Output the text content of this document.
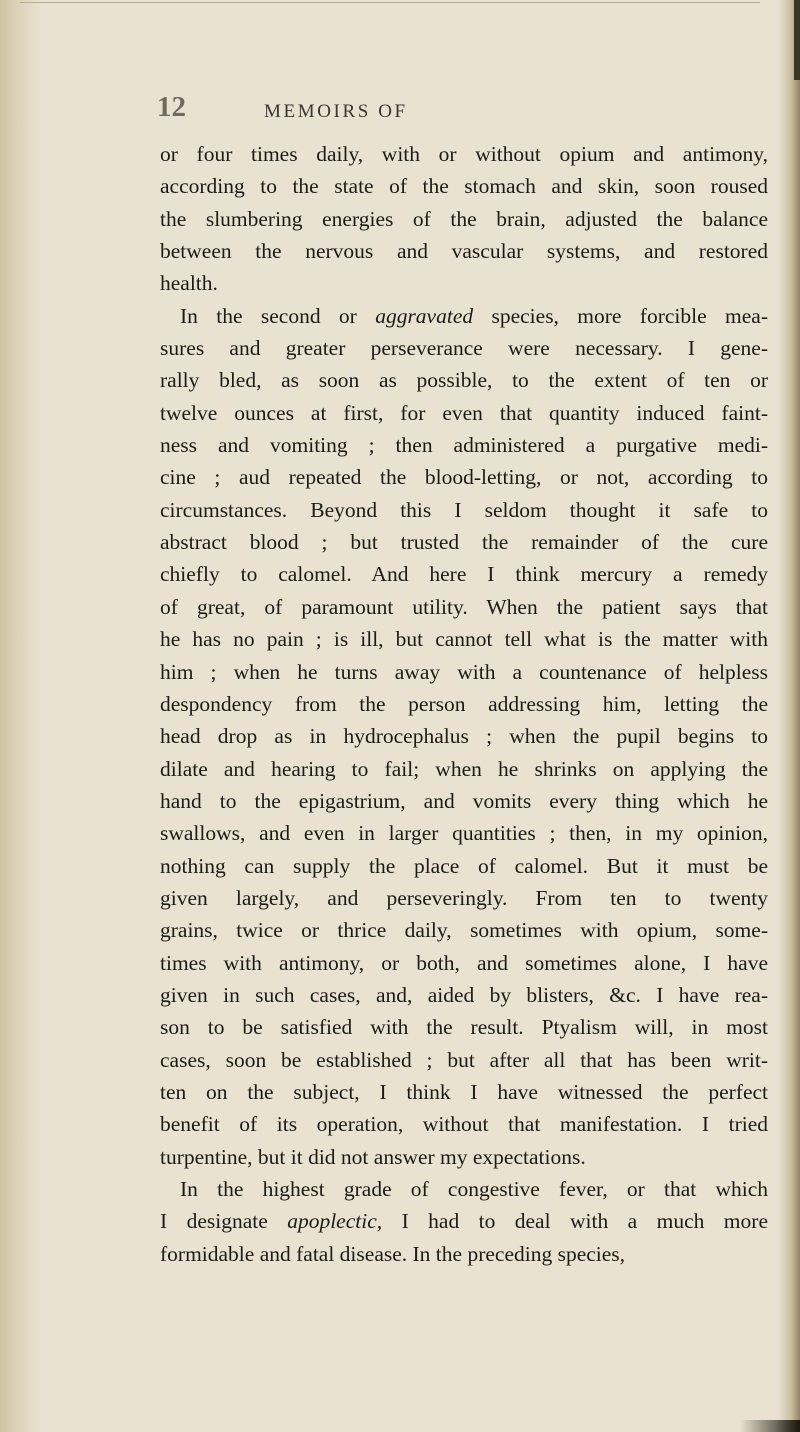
12	MEMOIRS OF
or four times daily, with or without opium and antimony,
according to the state of the stomach and skin, soon roused
the slumbering energies of the brain, adjusted the balance
between the nervous and vascular systems, and restored
health.
In the second or aggravated species, more forcible mea-
sures and greater perseverance were necessary. I gene-
rally bled, as soon as possible, to the extent of ten or
twelve ounces at first, for even that quantity induced faint-
ness and vomiting ; then administered a purgative medi-
cine ; aud repeated the blood-letting, or not, according to
circumstances. Beyond this I seldom thought it safe to
abstract blood ; but trusted the remainder of the cure
chiefly to calomel. And here I think mercury a remedy
of great, of paramount utility. When the patient says that
he has no pain ; is ill, but cannot tell what is the matter with
him ; when he turns away with a countenance of helpless
despondency from the person addressing him, letting the
head drop as in hydrocephalus ; when the pupil begins to
dilate and hearing to fail; when he shrinks on applying the
hand to the epigastrium, and vomits every thing which he
swallows, and even in larger quantities ; then, in my opinion,
nothing can supply the place of calomel. But it must be
given largely, and perseveringly. From ten to twenty
grains, twice or thrice daily, sometimes with opium, some-
times with antimony, or both, and sometimes alone, I have
given in such cases, and, aided by blisters, &c. I have rea-
son to be satisfied with the result. Ptyalism will, in most
cases, soon be established ; but after all that has been writ-
ten on the subject, I think I have witnessed the perfect
benefit of its operation, without that manifestation. I tried
turpentine, but it did not answer my expectations.
In the highest grade of congestive fever, or that which
I designate apoplectic, I had to deal with a much more
formidable and fatal disease. In the preceding species,
